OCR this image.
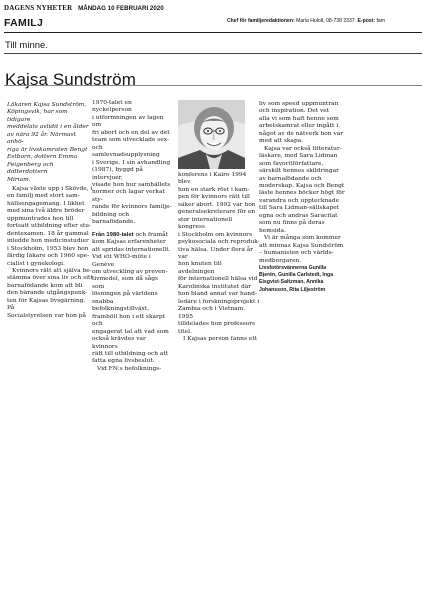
DAGENS NYHETER MÅNDAG 10 FEBRUARI 2020
FAMILJ	Chef för familjeredaktionen: Maria Hulolt, 08-738 2337. E-post: fam
Till minne.
Kajsa Sundström

Läkaren Kajsa Sundström,
Köpingsvik, har som tidigare
meddelats avlidit i en ålder
av nära 92 år. Närmast anhö-
riga är livskamraten Bengt
Estborn, dottern Emma
Feigenberg och dotterdottern
Miriam.

Kajsa växte upp i Skövde, i
en familj med stort sam-
hällsengagemang. I likhet
med sina två äldre bröder
uppmuntrades hon till
fortsatt utbildning efter stu-
dentexamen. 18 år gammal
inledde hon medicinstudier
i Stockholm, 1953 blev hon
färdig läkare och 1960 spe-
cialist i gynekologi.

Kvinnors rätt att själva be-
stämma över sina liv och sitt
barnafödande kom att bli
den bärande utgångspunk-
ten för Kajsas livsgärning. På
Socialstyrelsen var hon på

1970-talet en nyckelperson
i utformningen av lagen om
fri abort och en del av det
team som utvecklade sex-
och samlevnadsupplysning
i Sverige. I sin avhandling
(1987), byggd på intervjuer,
visade hon hur samhällets
normer och lagar verkat sty-
rande för kvinnors familje-
bildning och barnafödande.

Från 1980-talet och framåt
kom Kajsas erfarenheter
att spridas internationellt.
Vid ett WHO-möte i Genève
om utveckling av preven-
tivmedel, som då sågs som
lösningen på världens
snabba befolkningstillväxt,
framhöll hon i ett skarpt och
engagerat tal att vad som
också krävdes var kvinnors
rätt till utbildning och att
fatta egna livsbeslut.

Vid FN:s befolknings-

konferens i Kairo 1994 blev
hon en stark röst i kam-
pen för kvinnors rätt till
säker abort. 1992 var hon
generalsekreterare för en
stor internationell kongress
i Stockholm om kvinnors
psykosociala och reproduk-
tiva hälsa. Under flera år var
hon knuten till avdelningen
för internationell hälsa vid
Karolinska institutet där
hon bland annat var hand-
ledare i forskningsprojekt i
Zambia och i Vietnam. 1995
tilldelades hon professors
titel.

I Kajsas person fanns ett

liv som speed uppmuntran
och inspiration. Det vet
alla vi som haft henne som
arbetskamrat eller ingått i
något av de nätverk hon var
med att skapa.

Kajsa var också litteratur-
läskare, med Sara Lidman
som favoritförfattare,
särskilt hennes skildringar
av barnafödande och
moderskap. Kajsa och Bengt
läste hennes böcker högt för
varandra och upptecknade
till Sara Lidman-sällskapet
egna och andras Saracitat
som nu finns på deras
hemsida.

Vi är många som kommer
att minnas Kajsa Sundström
– humanisten och världs-
medborgaren.

Livsfotörsvännerna Gunilla
Bjerén, Gunilla Carlstedt, Inga
Eisgvist-Saltzman, Annika
Johansson, Rita Liljeström
